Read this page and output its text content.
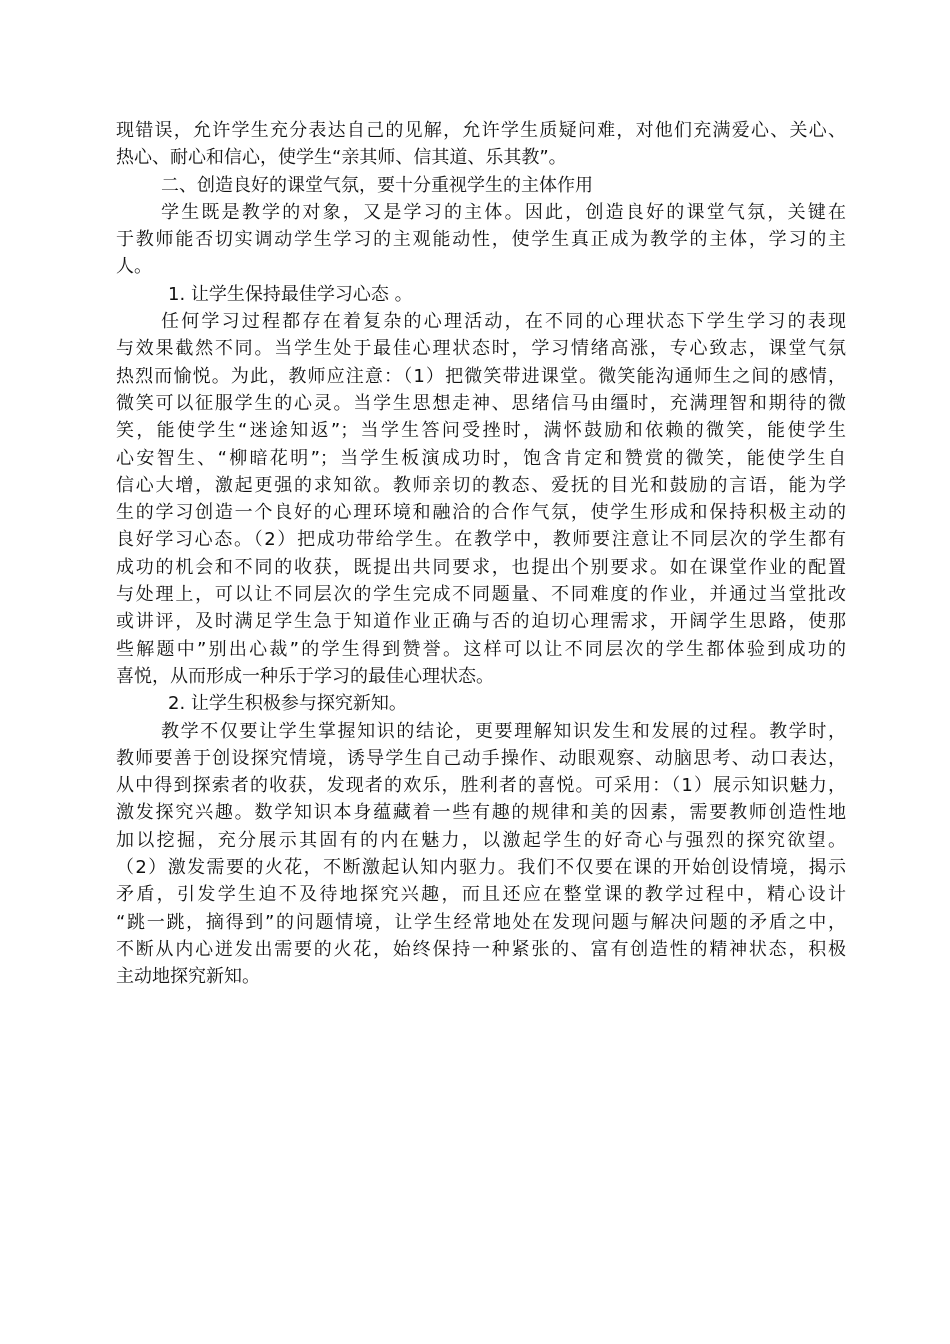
现错误，允许学生充分表达自己的见解，允许学生质疑问难，对他们充满爱心、关心、
热心、耐心和信心，使学生“亲其师、信其道、乐其教”。
二、创造良好的课堂气氛，要十分重视学生的主体作用
学生既是教学的对象，又是学习的主体。因此，创造良好的课堂气氛，关键在
于教师能否切实调动学生学习的主观能动性，使学生真正成为教学的主体，学习的主
人。
1. 让学生保持最佳学习心态 。
任何学习过程都存在着复杂的心理活动，在不同的心理状态下学生学习的表现
与效果截然不同。当学生处于最佳心理状态时，学习情绪高涨，专心致志，课堂气氛
热烈而愉悦。为此，教师应注意：（1）把微笑带进课堂。微笑能沟通师生之间的感情，
微笑可以征服学生的心灵。当学生思想走神、思绪信马由缰时，充满理智和期待的微
笑，能使学生“迷途知返”；当学生答问受挫时，满怀鼓励和依赖的微笑，能使学生
心安智生、“柳暗花明”；当学生板演成功时，饱含肯定和赞赏的微笑，能使学生自
信心大增，激起更强的求知欲。教师亲切的教态、爱抚的目光和鼓励的言语，能为学
生的学习创造一个良好的心理环境和融洽的合作气氛，使学生形成和保持积极主动的
良好学习心态。（2）把成功带给学生。在教学中，教师要注意让不同层次的学生都有
成功的机会和不同的收获，既提出共同要求，也提出个别要求。如在课堂作业的配置
与处理上，可以让不同层次的学生完成不同题量、不同难度的作业，并通过当堂批改
或讲评，及时满足学生急于知道作业正确与否的迫切心理需求，开阔学生思路，使那
些解题中”别出心裁”的学生得到赞誉。这样可以让不同层次的学生都体验到成功的
喜悦，从而形成一种乐于学习的最佳心理状态。
2. 让学生积极参与探究新知。
教学不仅要让学生掌握知识的结论，更要理解知识发生和发展的过程。教学时，
教师要善于创设探究情境，诱导学生自己动手操作、动眼观察、动脑思考、动口表达，
从中得到探索者的收获，发现者的欢乐，胜利者的喜悦。可采用：（1）展示知识魅力，
激发探究兴趣。数学知识本身蕴藏着一些有趣的规律和美的因素，需要教师创造性地
加以挖掘，充分展示其固有的内在魅力，以激起学生的好奇心与强烈的探究欲望。
（2）激发需要的火花，不断激起认知内驱力。我们不仅要在课的开始创设情境，揭示
矛盾，引发学生迫不及待地探究兴趣，而且还应在整堂课的教学过程中，精心设计
“跳一跳，摘得到”的问题情境，让学生经常地处在发现问题与解决问题的矛盾之中，
不断从内心迸发出需要的火花，始终保持一种紧张的、富有创造性的精神状态，积极
主动地探究新知。
